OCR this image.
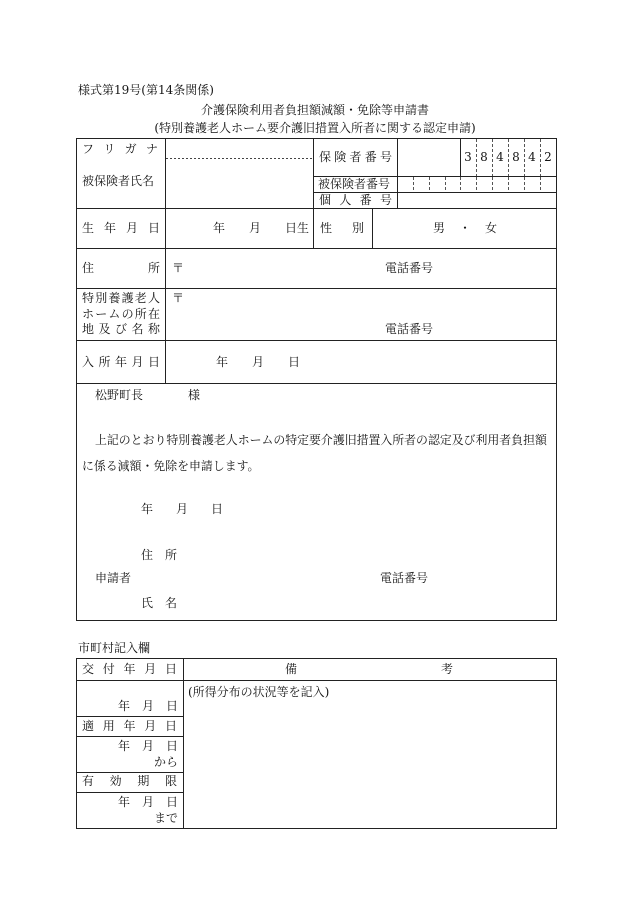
様式第19号(第14条関係)
介護保険利用者負担額減額・免除等申請書
(特別養護老人ホーム要介護旧措置入所者に関する認定申請)
フ リ ガ ナ
被保険者氏名
保 険 者 番 号	3 8 4 8 4 2
被保険者番号
個 人 番 号
生 年 月 日	年 月 日生 性 別	男 ・ 女
住	所 〒	電話番号
特 別 養 護 老 人
ホ ー ム の 所 在
地 及 び 名 称
〒
電話番号
入 所 年 月 日	年 月 日
松野町長	様
上記のとおり特別養護老人ホームの特定要介護旧措置入所者の認定及び利用者負担額
に係る減額・免除を申請します。
年 月 日
住 所
申請者	電話番号
氏 名
市町村記入欄
交 付 年 月 日	備	考
年 月 日
適 用 年 月 日
年 月 日
から
有 効 期 限
年 月 日
まで
(所得分布の状況等を記入)
